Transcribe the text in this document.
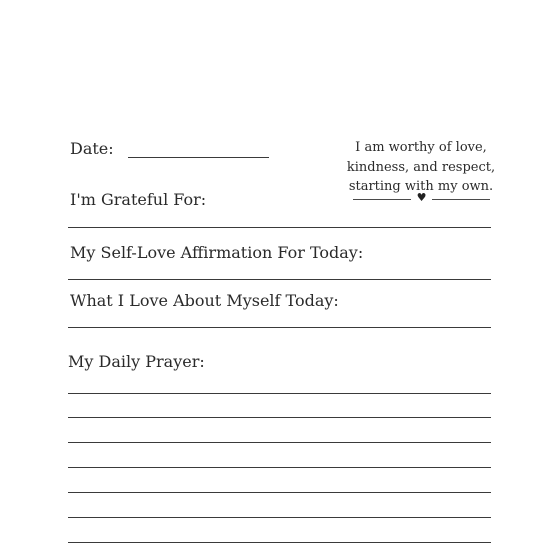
Date:	I am worthy of love,
kindness, and respect,
starting with my own.
♥
I'm Grateful For:
My Self-Love Affirmation For Today:
What I Love About Myself Today:
My Daily Prayer:
